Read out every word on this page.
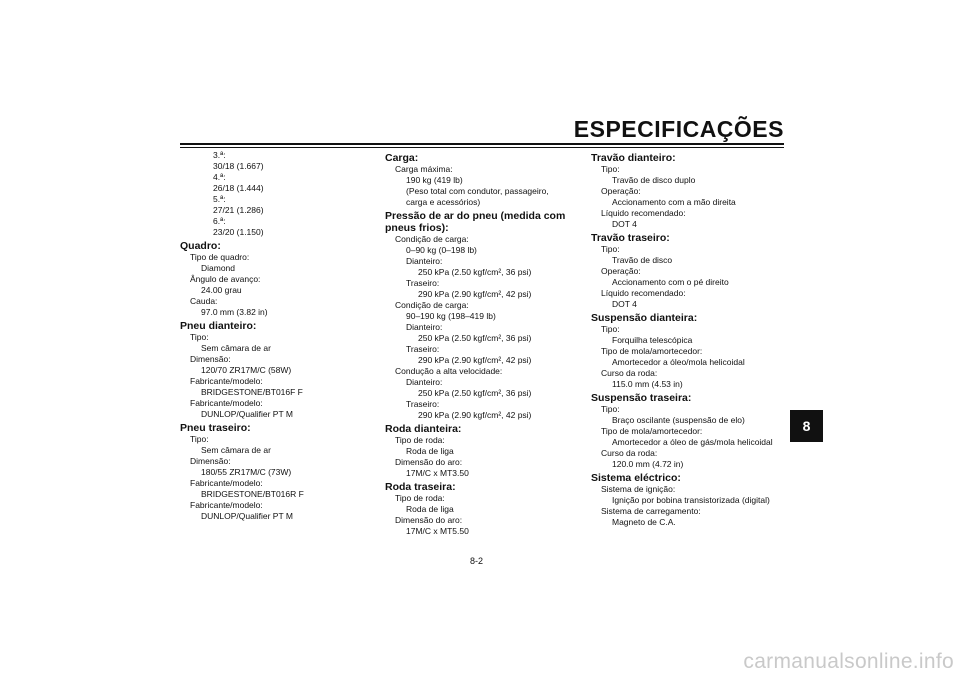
ESPECIFICAÇÕES
8
3.ª:
30/18 (1.667)
4.ª:
26/18 (1.444)
5.ª:
27/21 (1.286)
6.ª:
23/20 (1.150)
Quadro:
Tipo de quadro:
Diamond
Ângulo de avanço:
24.00 grau
Cauda:
97.0 mm (3.82 in)
Pneu dianteiro:
Tipo:
Sem câmara de ar
Dimensão:
120/70 ZR17M/C (58W)
Fabricante/modelo:
BRIDGESTONE/BT016F F
Fabricante/modelo:
DUNLOP/Qualifier PT M
Pneu traseiro:
Tipo:
Sem câmara de ar
Dimensão:
180/55 ZR17M/C (73W)
Fabricante/modelo:
BRIDGESTONE/BT016R F
Fabricante/modelo:
DUNLOP/Qualifier PT M
Carga:
Carga máxima:
190 kg (419 lb)
(Peso total com condutor, passageiro,
carga e acessórios)
Pressão de ar do pneu (medida com pneus frios):
Condição de carga:
0–90 kg (0–198 lb)
Dianteiro:
250 kPa (2.50 kgf/cm², 36 psi)
Traseiro:
290 kPa (2.90 kgf/cm², 42 psi)
Condição de carga:
90–190 kg (198–419 lb)
Dianteiro:
250 kPa (2.50 kgf/cm², 36 psi)
Traseiro:
290 kPa (2.90 kgf/cm², 42 psi)
Condução a alta velocidade:
Dianteiro:
250 kPa (2.50 kgf/cm², 36 psi)
Traseiro:
290 kPa (2.90 kgf/cm², 42 psi)
Roda dianteira:
Tipo de roda:
Roda de liga
Dimensão do aro:
17M/C x MT3.50
Roda traseira:
Tipo de roda:
Roda de liga
Dimensão do aro:
17M/C x MT5.50
Travão dianteiro:
Tipo:
Travão de disco duplo
Operação:
Accionamento com a mão direita
Líquido recomendado:
DOT 4
Travão traseiro:
Tipo:
Travão de disco
Operação:
Accionamento com o pé direito
Líquido recomendado:
DOT 4
Suspensão dianteira:
Tipo:
Forquilha telescópica
Tipo de mola/amortecedor:
Amortecedor a óleo/mola helicoidal
Curso da roda:
115.0 mm (4.53 in)
Suspensão traseira:
Tipo:
Braço oscilante (suspensão de elo)
Tipo de mola/amortecedor:
Amortecedor a óleo de gás/mola helicoidal
Curso da roda:
120.0 mm (4.72 in)
Sistema eléctrico:
Sistema de ignição:
Ignição por bobina transistorizada (digital)
Sistema de carregamento:
Magneto de C.A.
8-2
carmanualsonline.info
